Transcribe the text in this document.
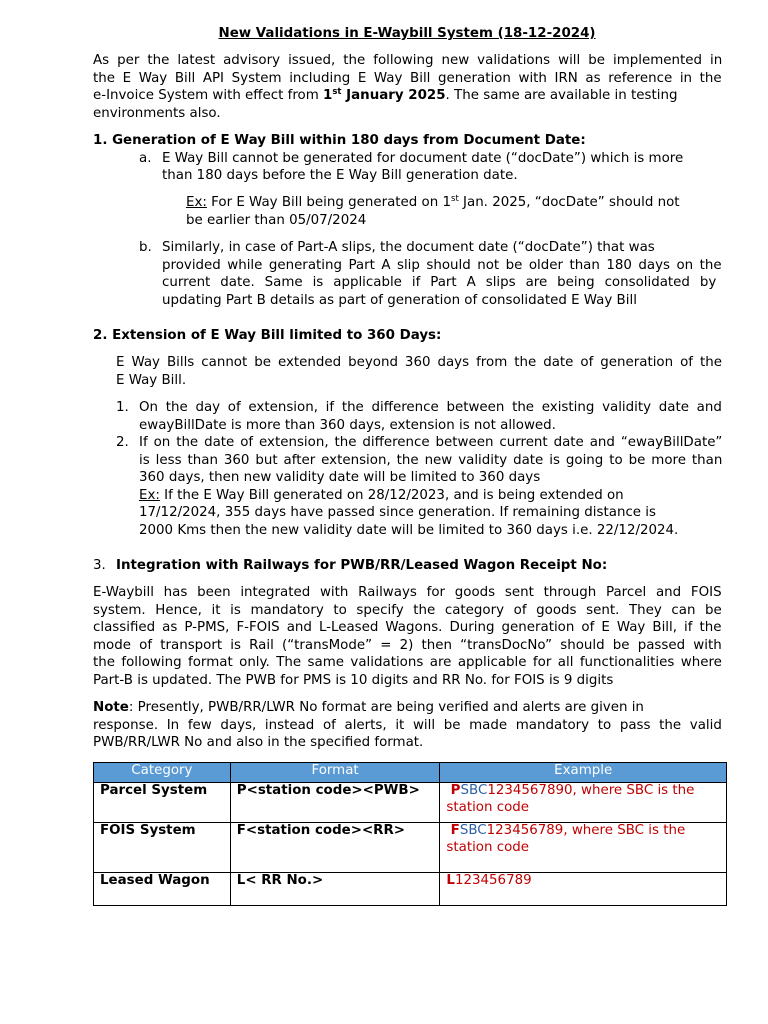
New Validations in E-Waybill System (18-12-2024)
As per the latest advisory issued, the following new validations will be implemented in
the E Way Bill API System including E Way Bill generation with IRN as reference in the
e-Invoice System with effect from 1st January 2025. The same are available in testing
environments also.
1. Generation of E Way Bill within 180 days from Document Date:
a. E Way Bill cannot be generated for document date (“docDate”) which is more
than 180 days before the E Way Bill generation date.
Ex: For E Way Bill being generated on 1st Jan. 2025, “docDate” should not
be earlier than 05/07/2024
b. Similarly, in case of Part-A slips, the document date (“docDate”) that was
provided while generating Part A slip should not be older than 180 days on the
current date. Same is applicable if Part A slips are being consolidated by
updating Part B details as part of generation of consolidated E Way Bill
2. Extension of E Way Bill limited to 360 Days:
E Way Bills cannot be extended beyond 360 days from the date of generation of the
E Way Bill.
1. On the day of extension, if the difference between the existing validity date and
ewayBillDate is more than 360 days, extension is not allowed.
2. If on the date of extension, the difference between current date and “ewayBillDate”
is less than 360 but after extension, the new validity date is going to be more than
360 days, then new validity date will be limited to 360 days
Ex: If the E Way Bill generated on 28/12/2023, and is being extended on
17/12/2024, 355 days have passed since generation. If remaining distance is
2000 Kms then the new validity date will be limited to 360 days i.e. 22/12/2024.
3. Integration with Railways for PWB/RR/Leased Wagon Receipt No:
E-Waybill has been integrated with Railways for goods sent through Parcel and FOIS
system. Hence, it is mandatory to specify the category of goods sent. They can be
classified as P-PMS, F-FOIS and L-Leased Wagons. During generation of E Way Bill, if the
mode of transport is Rail (“transMode” = 2) then “transDocNo” should be passed with
the following format only. The same validations are applicable for all functionalities where
Part-B is updated. The PWB for PMS is 10 digits and RR No. for FOIS is 9 digits
Note: Presently, PWB/RR/LWR No format are being verified and alerts are given in
response. In few days, instead of alerts, it will be made mandatory to pass the valid
PWB/RR/LWR No and also in the specified format.
Category	Format	Example
Parcel System	P<station code><PWB>	PSBC1234567890, where SBC is the
station code
FOIS System	F<station code><RR>	FSBC123456789, where SBC is the
station code
Leased Wagon	L< RR No.>	L123456789
